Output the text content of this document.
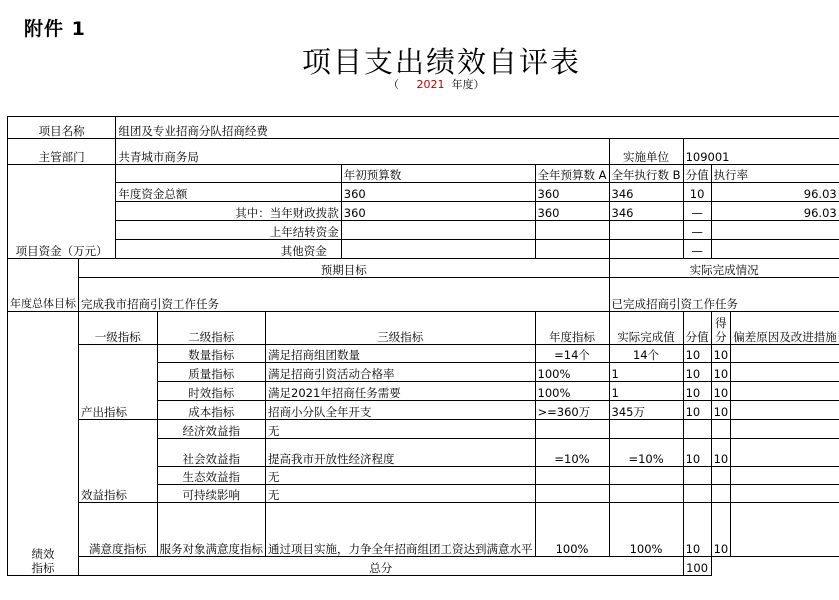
附件 1
项目支出绩效自评表
（ 2021 年度）
项目名称		组团及专业招商分队招商经费								
主管部门		共青城市商务局					实施单位	109001		
项目资金（万元）					年初预算数	全年预算数 A	全年执行数 B	分值	执行率	
		年度资金总额			360	360	346	10	96.03	
		其中：当年财政拨款			360	360	346	—	96.03	
		上年结转资金						—		
		其他资金						—		
年度总体目标	预期目标						实际完成情况			
	完成我市招商引资工作任务						已完成招商引资工作任务			
绩效指标	一级指标		二级指标	三级指标		年度指标	实际完成值	分值	得分	偏差原因及改进措施
	产出指标		数量指标	满足招商组团数量		=14个	14个	10	10	
			质量指标	满足招商引资活动合格率		100%	1	10	10	
			时效指标	满足2021年招商任务需要		100%	1	10	10	
			成本指标	招商小分队全年开支		>=360万	345万	10	10	
	效益指标		经济效益指	无						
			社会效益指	提高我市开放性经济程度		=10%	=10%	10	10	
			生态效益指	无						
			可持续影响	无						
	满意度指标		服务对象满意度指标	通过项目实施，力争全年招商组团工资达到满意水平		100%	100%	10	10	
	总分							100		
